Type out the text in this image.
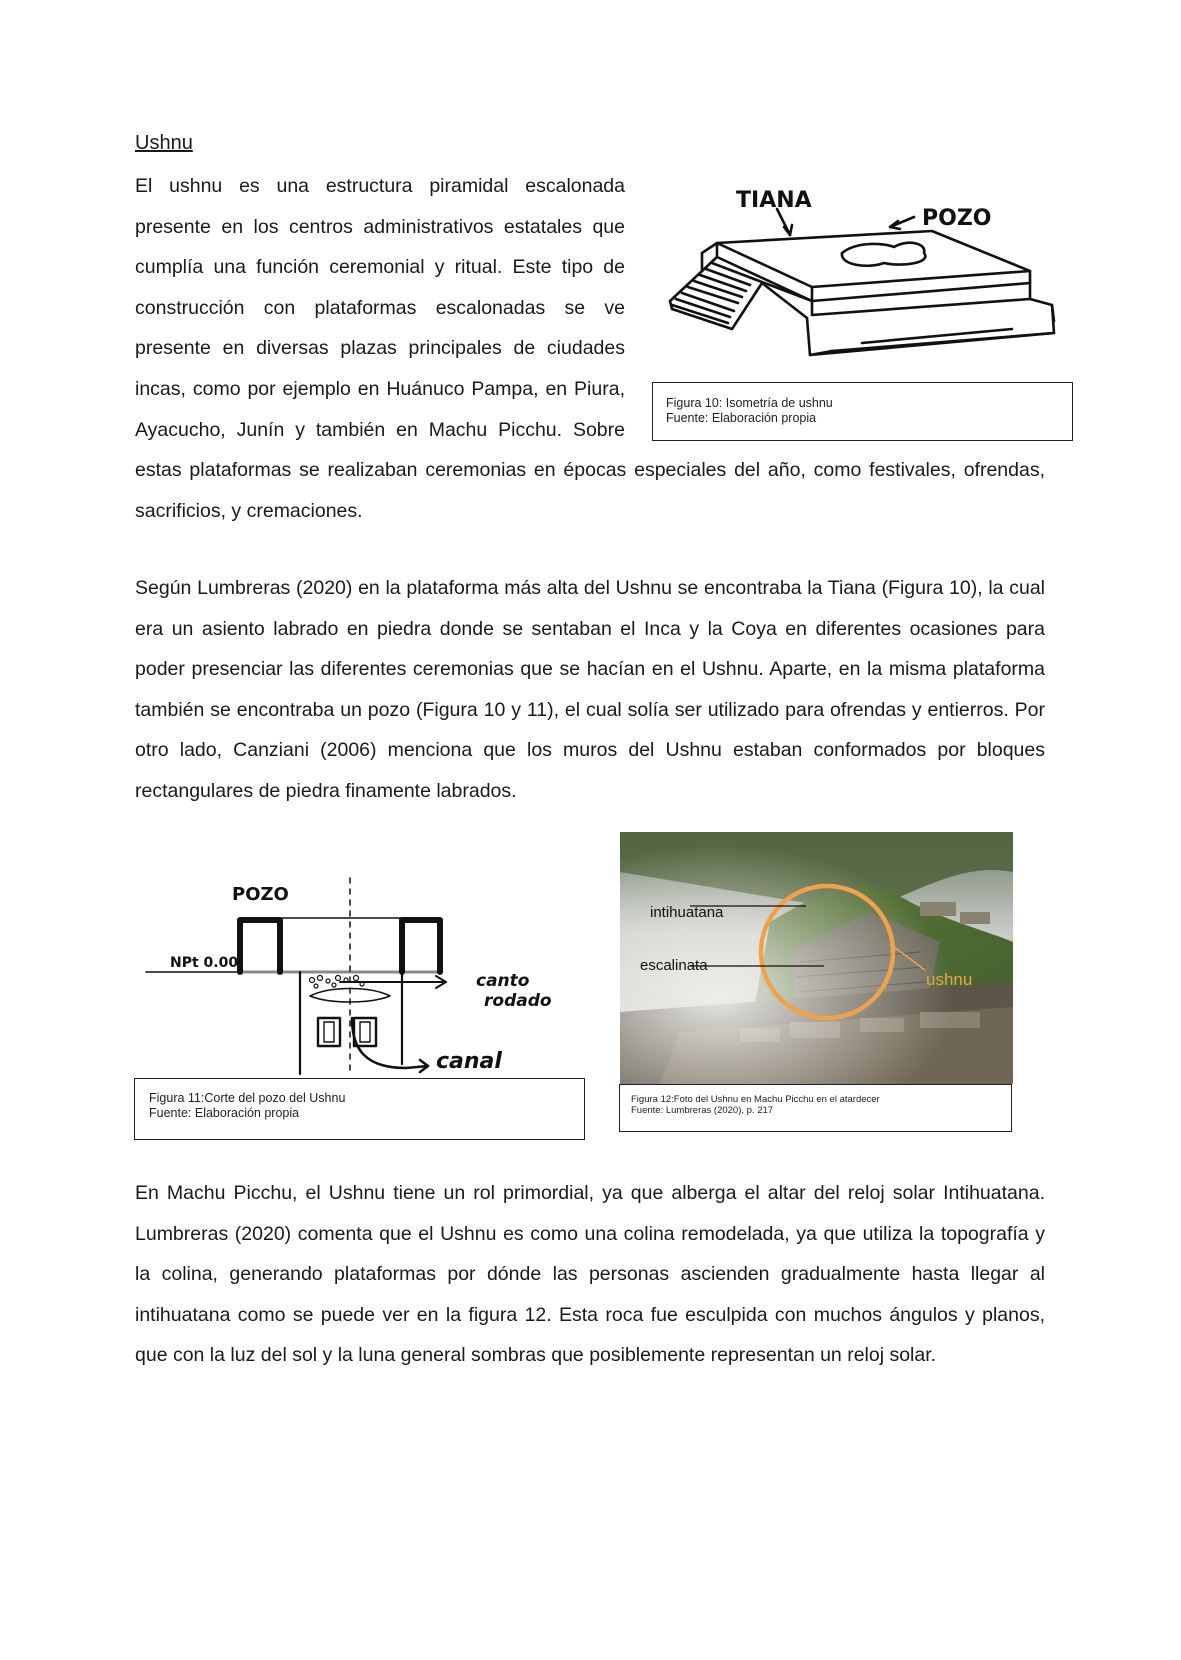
Ushnu

El ushnu es una estructura piramidal escalonada presente en los centros administrativos estatales que cumplía una función ceremonial y ritual. Este tipo de construcción con plataformas escalonadas se ve presente en diversas plazas principales de ciudades incas, como por ejemplo en Huánuco Pampa, en Piura, Ayacucho, Junín y también en Machu Picchu. Sobre estas plataformas se realizaban ceremonias en épocas especiales del año, como festivales, ofrendas, sacrificios, y cremaciones.

TIANA
POZO
Figura 10: Isometría de ushnu
Fuente: Elaboración propia

Según Lumbreras (2020) en la plataforma más alta del Ushnu se encontraba la Tiana (Figura 10), la cual era un asiento labrado en piedra donde se sentaban el Inca y la Coya en diferentes ocasiones para poder presenciar las diferentes ceremonias que se hacían en el Ushnu. Aparte, en la misma plataforma también se encontraba un pozo (Figura 10 y 11), el cual solía ser utilizado para ofrendas y entierros. Por otro lado, Canziani (2006) menciona que los muros del Ushnu estaban conformados por bloques rectangulares de piedra finamente labrados.

POZO
NPt 0.00
canto
rodado
canal
Figura 11:Corte del pozo del Ushnu
Fuente: Elaboración propia
intihuatana
escalinata
ushnu
Figura 12:Foto del Ushnu en Machu Picchu en el atardecer
Fuente: Lumbreras (2020), p. 217

En Machu Picchu, el Ushnu tiene un rol primordial, ya que alberga el altar del reloj solar Intihuatana. Lumbreras (2020) comenta que el Ushnu es como una colina remodelada, ya que utiliza la topografía y la colina, generando plataformas por dónde las personas ascienden gradualmente hasta llegar al intihuatana como se puede ver en la figura 12. Esta roca fue esculpida con muchos ángulos y planos, que con la luz del sol y la luna general sombras que posiblemente representan un reloj solar.
